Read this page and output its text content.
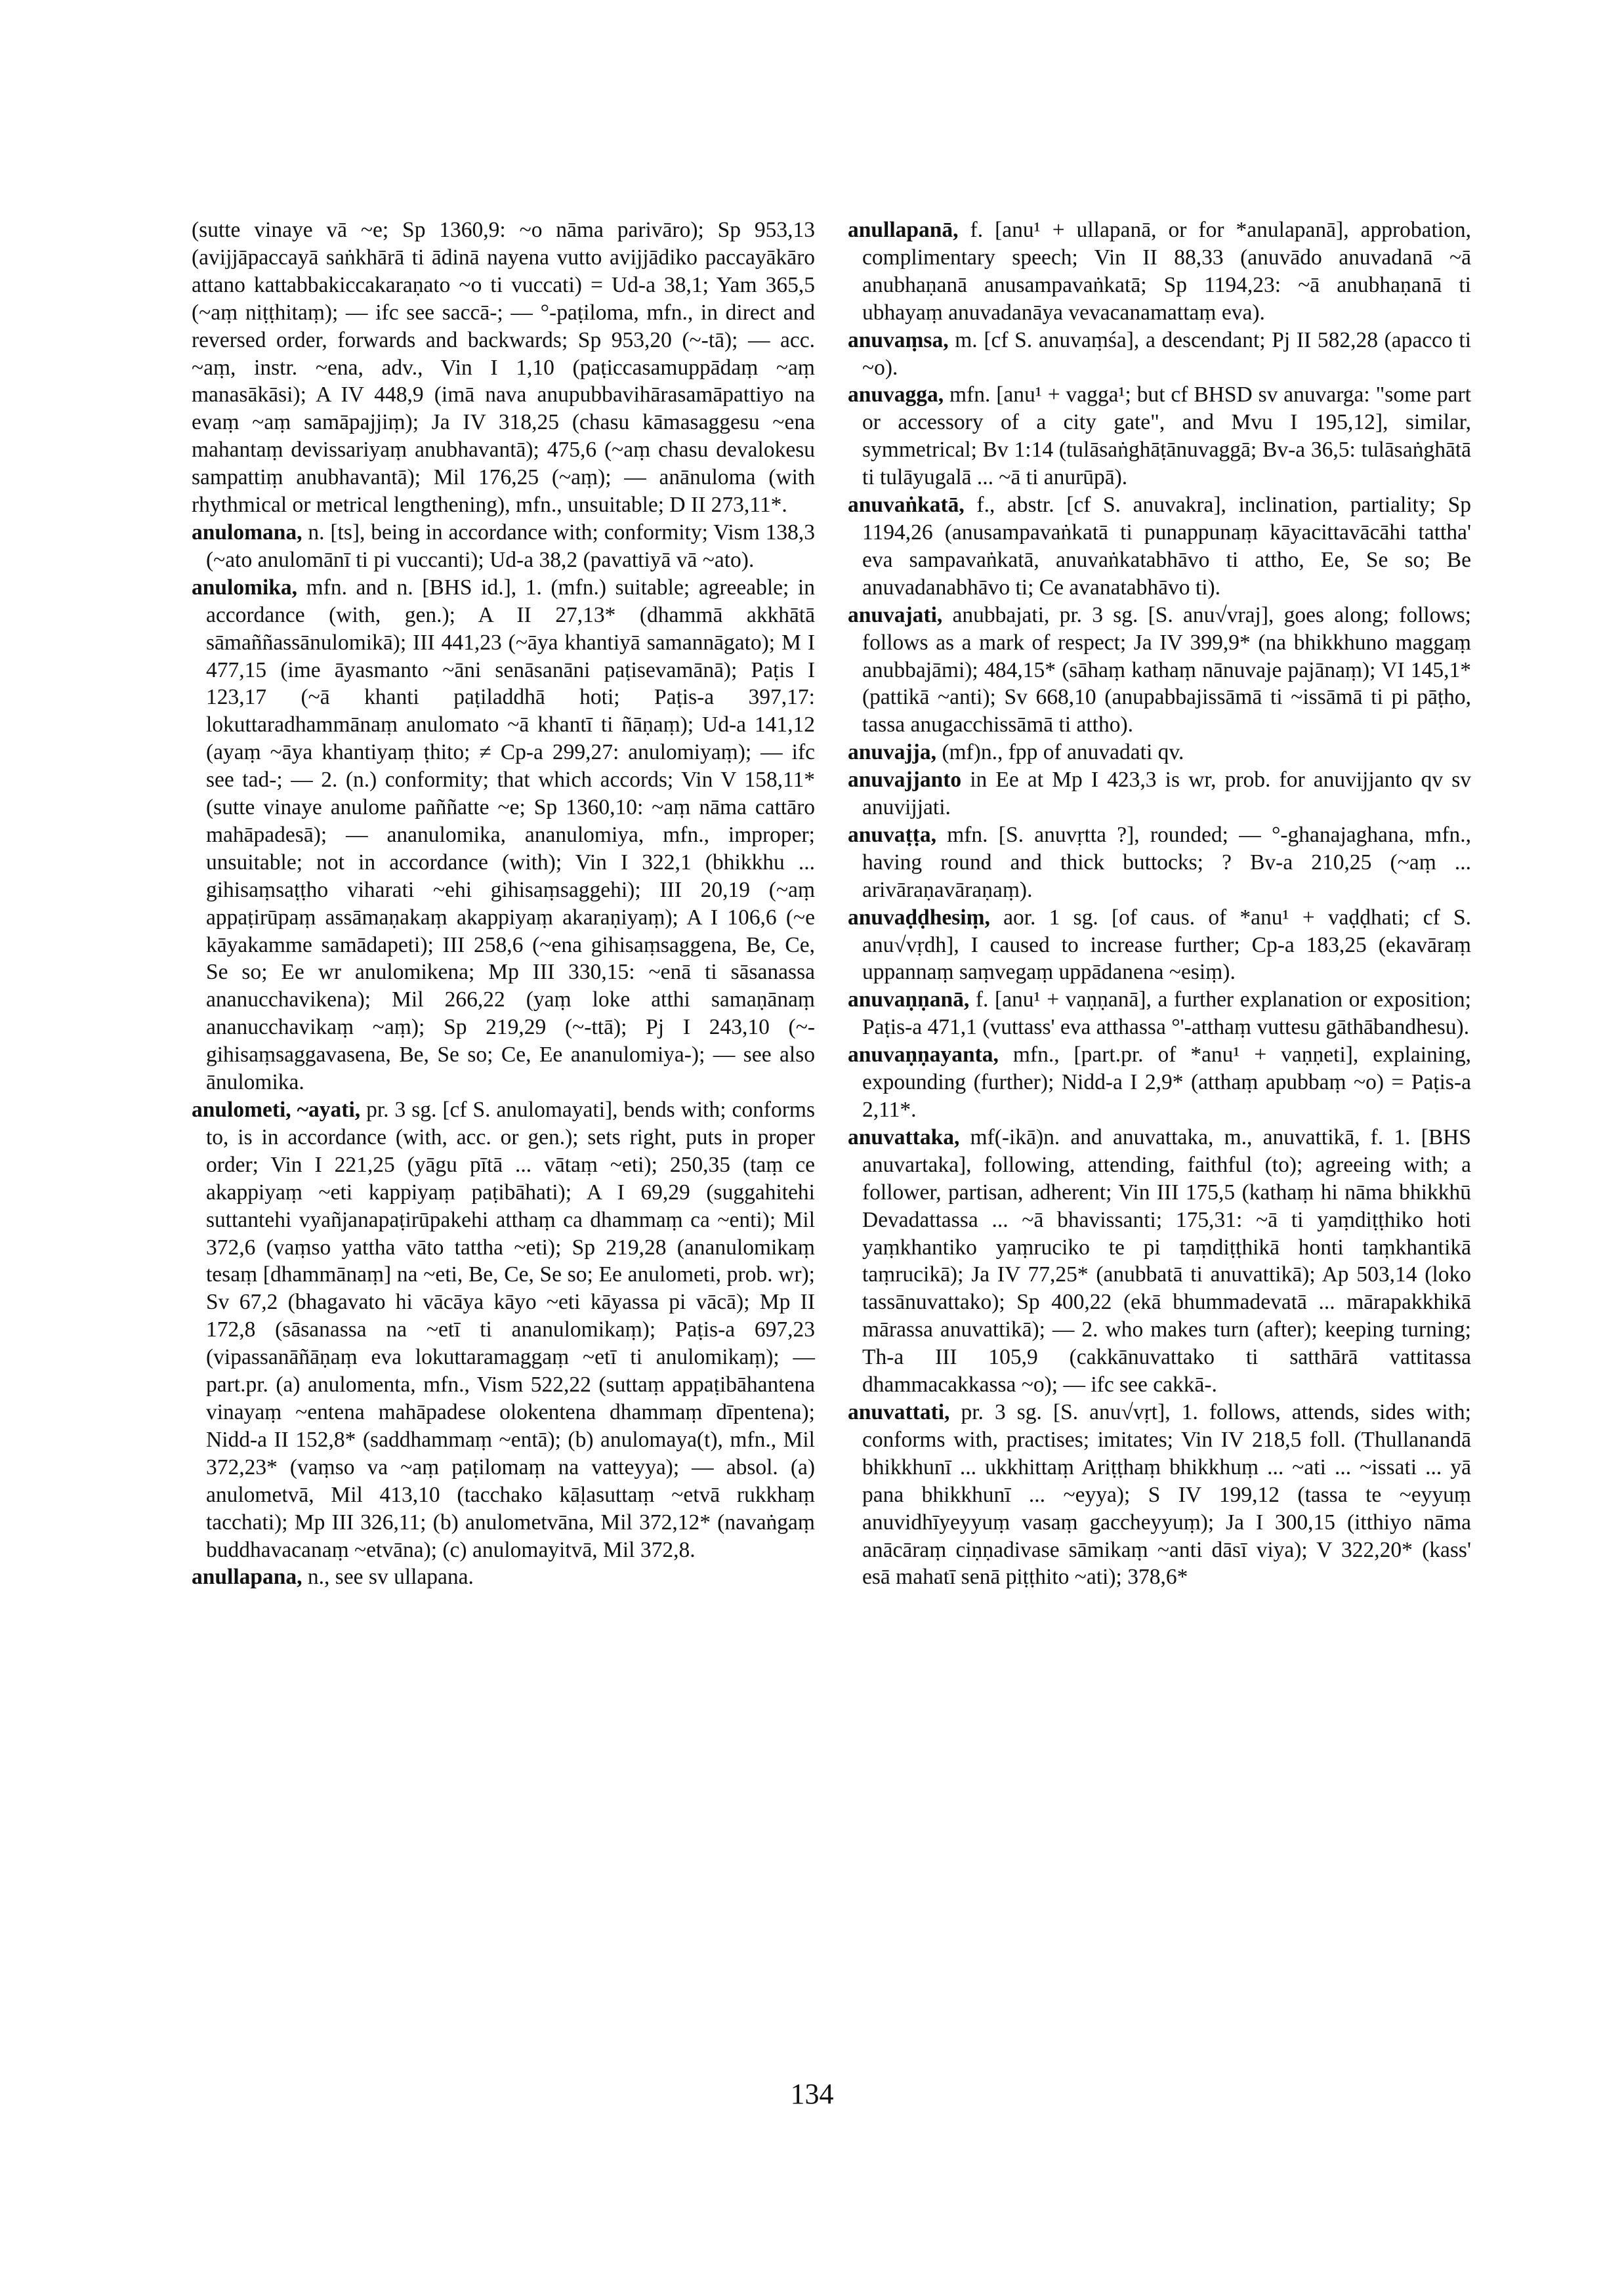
(sutte vinaye vā ~e; Sp 1360,9: ~o nāma parivāro); Sp 953,13 (avijjāpaccayā saṅkhārā ti ādinā nayena vutto avijjādiko paccayākāro attano kattabbakiccakaraṇato ~o ti vuccati) = Ud-a 38,1; Yam 365,5 (~aṃ niṭṭhitaṃ); — ifc see saccā-; — °-paṭiloma, mfn., in direct and reversed order, forwards and backwards; Sp 953,20 (~-tā); — acc. ~aṃ, instr. ~ena, adv., Vin I 1,10 (paṭiccasamuppādaṃ ~aṃ manasākāsi); A IV 448,9 (imā nava anupubbavihārasamāpattiyo na evaṃ ~aṃ samāpajjiṃ); Ja IV 318,25 (chasu kāmasaggesu ~ena mahantaṃ devissariyaṃ anubhavantā); 475,6 (~aṃ chasu devalokesu sampattiṃ anubhavantā); Mil 176,25 (~aṃ); — anānuloma (with rhythmical or metrical lengthening), mfn., unsuitable; D II 273,11*.

anulomana, n. [ts], being in accordance with; conformity; Vism 138,3 (~ato anulomānī ti pi vuccanti); Ud-a 38,2 (pavattiyā vā ~ato).

anulomika, mfn. and n. [BHS id.], 1. (mfn.) suitable; agreeable; in accordance (with, gen.); A II 27,13* (dhammā akkhātā sāmaññassānulomikā); III 441,23 (~āya khantiyā samannāgato); M I 477,15 (ime āyasmanto ~āni senāsanāni paṭisevamānā); Paṭis I 123,17 (~ā khanti paṭiladdhā hoti; Paṭis-a 397,17: lokuttaradhammānaṃ anulomato ~ā khantī ti ñāṇaṃ); Ud-a 141,12 (ayaṃ ~āya khantiyaṃ ṭhito; ≠ Cp-a 299,27: anulomiyaṃ); — ifc see tad-; — 2. (n.) conformity; that which accords; Vin V 158,11* (sutte vinaye anulome paññatte ~e; Sp 1360,10: ~aṃ nāma cattāro mahāpadesā); — ananulomika, ananulomiya, mfn., improper; unsuitable; not in accordance (with); Vin I 322,1 (bhikkhu ... gihisaṃsaṭṭho viharati ~ehi gihisaṃsaggehi); III 20,19 (~aṃ appaṭirūpaṃ assāmaṇakaṃ akappiyaṃ akaraṇiyaṃ); A I 106,6 (~e kāyakamme samādapeti); III 258,6 (~ena gihisaṃsaggena, Be, Ce, Se so; Ee wr anulomikena; Mp III 330,15: ~enā ti sāsanassa ananucchavikena); Mil 266,22 (yaṃ loke atthi samaṇānaṃ ananucchavikaṃ ~aṃ); Sp 219,29 (~-ttā); Pj I 243,10 (~-gihisaṃsaggavasena, Be, Se so; Ce, Ee ananulomiya-); — see also ānulomika.

anulometi, ~ayati, pr. 3 sg. [cf S. anulomayati], bends with; conforms to, is in accordance (with, acc. or gen.); sets right, puts in proper order; Vin I 221,25 (yāgu pītā ... vātaṃ ~eti); 250,35 (taṃ ce akappiyaṃ ~eti kappiyaṃ paṭibāhati); A I 69,29 (suggahitehi suttantehi vyañjanapaṭirūpakehi atthaṃ ca dhammaṃ ca ~enti); Mil 372,6 (vaṃso yattha vāto tattha ~eti); Sp 219,28 (ananulomikaṃ tesaṃ [dhammānaṃ] na ~eti, Be, Ce, Se so; Ee anulometi, prob. wr); Sv 67,2 (bhagavato hi vācāya kāyo ~eti kāyassa pi vācā); Mp II 172,8 (sāsanassa na ~etī ti ananulomikaṃ); Paṭis-a 697,23 (vipassanāñāṇaṃ eva lokuttaramaggaṃ ~etī ti anulomikaṃ); — part.pr. (a) anulomenta, mfn., Vism 522,22 (suttaṃ appaṭibāhantena vinayaṃ ~entena mahāpadese olokentena dhammaṃ dīpentena); Nidd-a II 152,8* (saddhammaṃ ~entā); (b) anulomaya(t), mfn., Mil 372,23* (vaṃso va ~aṃ paṭilomaṃ na vatteyya); — absol. (a) anulometvā, Mil 413,10 (tacchako kāḷasuttaṃ ~etvā rukkhaṃ tacchati); Mp III 326,11; (b) anulometvāna, Mil 372,12* (navaṅgaṃ buddhavacanaṃ ~etvāna); (c) anulomayitvā, Mil 372,8.

anullapana, n., see sv ullapana.

anullapanā, f. [anu¹ + ullapanā, or for *anulapanā], approbation, complimentary speech; Vin II 88,33 (anuvādo anuvadanā ~ā anubhaṇanā anusampavaṅkatā; Sp 1194,23: ~ā anubhaṇanā ti ubhayaṃ anuvadanāya vevacanamattaṃ eva).

anuvaṃsa, m. [cf S. anuvaṃśa], a descendant; Pj II 582,28 (apacco ti ~o).

anuvagga, mfn. [anu¹ + vagga¹; but cf BHSD sv anuvarga: "some part or accessory of a city gate", and Mvu I 195,12], similar, symmetrical; Bv 1:14 (tulāsaṅghāṭānuvaggā; Bv-a 36,5: tulāsaṅghātā ti tulāyugalā ... ~ā ti anurūpā).

anuvaṅkatā, f., abstr. [cf S. anuvakra], inclination, partiality; Sp 1194,26 (anusampavaṅkatā ti punappunaṃ kāyacittavācāhi tattha' eva sampavaṅkatā, anuvaṅkatabhāvo ti attho, Ee, Se so; Be anuvadanabhāvo ti; Ce avanatabhāvo ti).

anuvajati, anubbajati, pr. 3 sg. [S. anu√vraj], goes along; follows; follows as a mark of respect; Ja IV 399,9* (na bhikkhuno maggaṃ anubbajāmi); 484,15* (sāhaṃ kathaṃ nānuvaje pajānaṃ); VI 145,1* (pattikā ~anti); Sv 668,10 (anupabbajissāmā ti ~issāmā ti pi pāṭho, tassa anugacchissāmā ti attho).

anuvajja, (mf)n., fpp of anuvadati qv.

anuvajjanto in Ee at Mp I 423,3 is wr, prob. for anuvijjanto qv sv anuvijjati.

anuvaṭṭa, mfn. [S. anuvṛtta ?], rounded; — °-ghanajaghana, mfn., having round and thick buttocks; ? Bv-a 210,25 (~aṃ ... arivāraṇavāraṇaṃ).

anuvaḍḍhesiṃ, aor. 1 sg. [of caus. of *anu¹ + vaḍḍhati; cf S. anu√vṛdh], I caused to increase further; Cp-a 183,25 (ekavāraṃ uppannaṃ saṃvegaṃ uppādanena ~esiṃ).

anuvaṇṇanā, f. [anu¹ + vaṇṇanā], a further explanation or exposition; Paṭis-a 471,1 (vuttass' eva atthassa °'-atthaṃ vuttesu gāthābandhesu).

anuvaṇṇayanta, mfn., [part.pr. of *anu¹ + vaṇṇeti], explaining, expounding (further); Nidd-a I 2,9* (atthaṃ apubbaṃ ~o) = Paṭis-a 2,11*.

anuvattaka, mf(-ikā)n. and anuvattaka, m., anuvattikā, f. 1. [BHS anuvartaka], following, attending, faithful (to); agreeing with; a follower, partisan, adherent; Vin III 175,5 (kathaṃ hi nāma bhikkhū Devadattassa ... ~ā bhavissanti; 175,31: ~ā ti yaṃdiṭṭhiko hoti yaṃkhantiko yaṃruciko te pi taṃdiṭṭhikā honti taṃkhantikā taṃrucikā); Ja IV 77,25* (anubbatā ti anuvattikā); Ap 503,14 (loko tassānuvattako); Sp 400,22 (ekā bhummadevatā ... mārapakkhikā mārassa anuvattikā); — 2. who makes turn (after); keeping turning; Th-a III 105,9 (cakkānuvattako ti satthārā vattitassa dhammacakkassa ~o); — ifc see cakkā-.

anuvattati, pr. 3 sg. [S. anu√vṛt], 1. follows, attends, sides with; conforms with, practises; imitates; Vin IV 218,5 foll. (Thullanandā bhikkhunī ... ukkhittaṃ Ariṭṭhaṃ bhikkhuṃ ... ~ati ... ~issati ... yā pana bhikkhunī ... ~eyya); S IV 199,12 (tassa te ~eyyuṃ anuvidhīyeyyuṃ vasaṃ gaccheyyuṃ); Ja I 300,15 (itthiyo nāma anācāraṃ ciṇṇadivase sāmikaṃ ~anti dāsī viya); V 322,20* (kass' esā mahatī senā piṭṭhito ~ati); 378,6*

134
